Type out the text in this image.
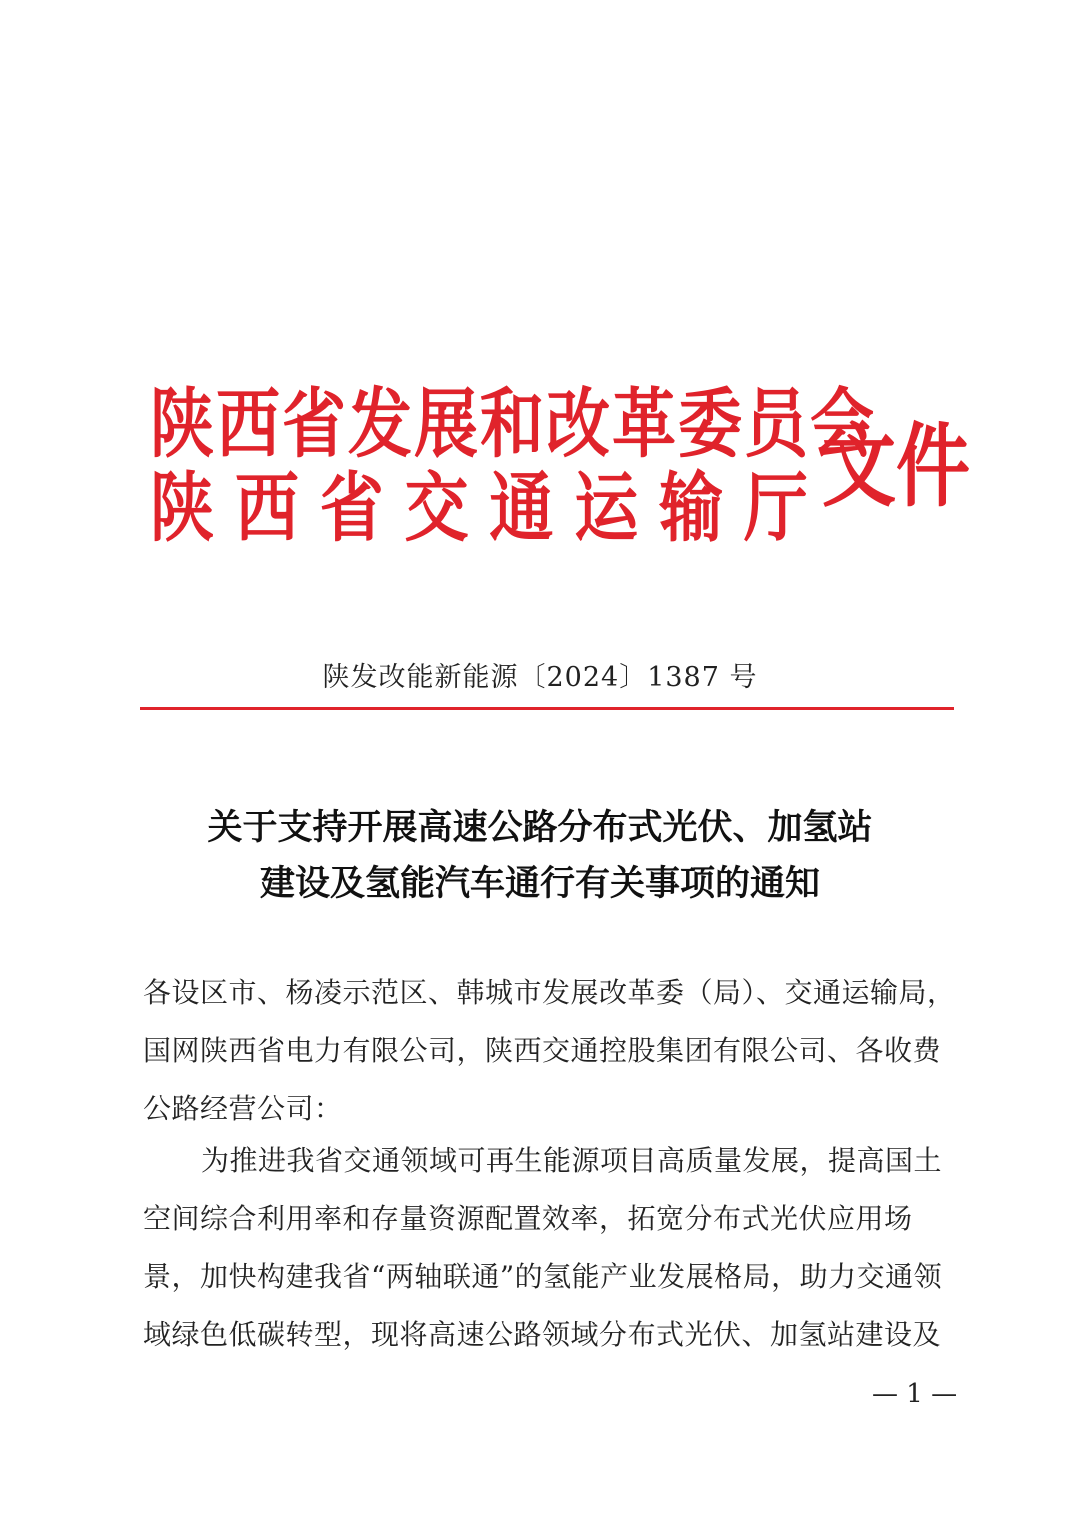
陕西省发展和改革委员会
陕 西 省 交 通 运 输 厅 文件
陕发改能新能源〔2024〕1387 号
关于支持开展高速公路分布式光伏、加氢站
建设及氢能汽车通行有关事项的通知
各设区市、杨凌示范区、韩城市发展改革委（局）、交通运输局，
国网陕西省电力有限公司，陕西交通控股集团有限公司、各收费
公路经营公司：
为推进我省交通领域可再生能源项目高质量发展，提高国土
空间综合利用率和存量资源配置效率，拓宽分布式光伏应用场
景，加快构建我省“两轴联通”的氢能产业发展格局，助力交通领
域绿色低碳转型，现将高速公路领域分布式光伏、加氢站建设及
— 1 —
